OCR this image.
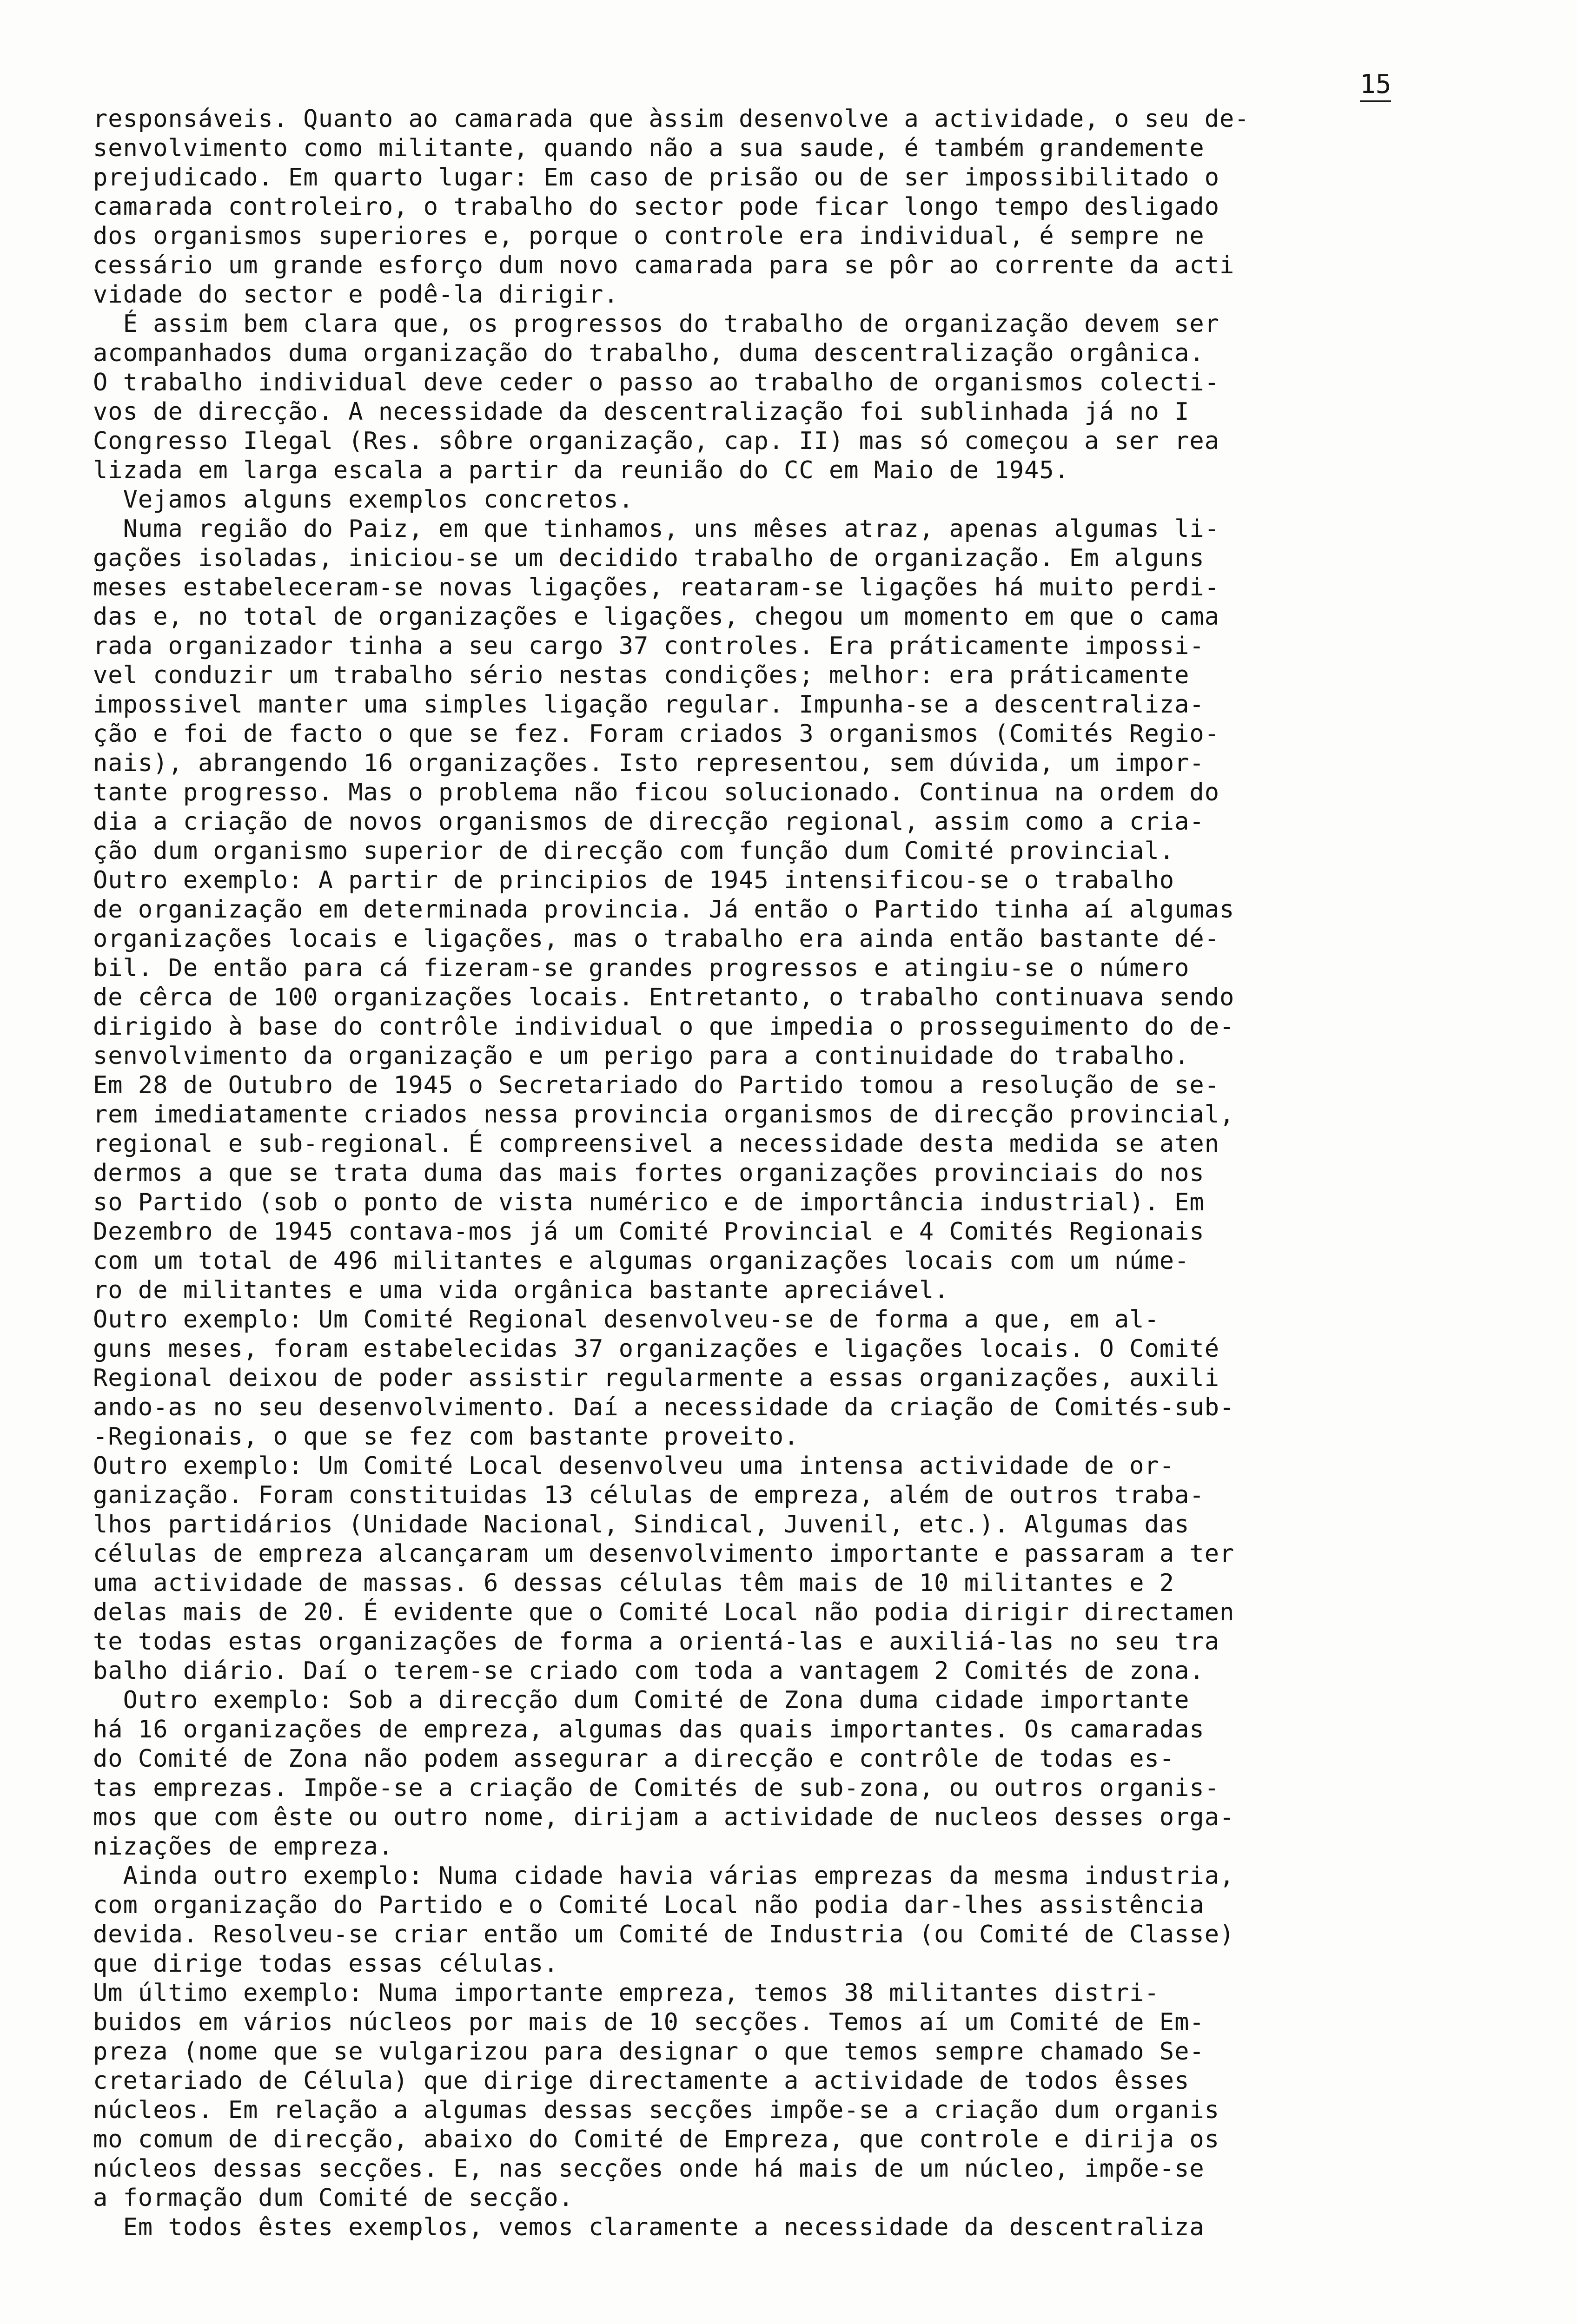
15
responsáveis. Quanto ao camarada que àssim desenvolve a actividade, o seu de-
senvolvimento como militante, quando não a sua saude, é também grandemente
prejudicado. Em quarto lugar: Em caso de prisão ou de ser impossibilitado o
camarada controleiro, o trabalho do sector pode ficar longo tempo desligado
dos organismos superiores e, porque o controle era individual, é sempre ne
cessário um grande esforço dum novo camarada para se pôr ao corrente da acti
vidade do sector e podê-la dirigir.
É assim bem clara que, os progressos do trabalho de organização devem ser
acompanhados duma organização do trabalho, duma descentralização orgânica.
O trabalho individual deve ceder o passo ao trabalho de organismos colecti-
vos de direcção. A necessidade da descentralização foi sublinhada já no I
Congresso Ilegal (Res. sôbre organização, cap. II) mas só começou a ser rea
lizada em larga escala a partir da reunião do CC em Maio de 1945.
Vejamos alguns exemplos concretos.
Numa região do Paiz, em que tinhamos, uns mêses atraz, apenas algumas li-
gações isoladas, iniciou-se um decidido trabalho de organização. Em alguns
meses estabeleceram-se novas ligações, reataram-se ligações há muito perdi-
das e, no total de organizações e ligações, chegou um momento em que o cama
rada organizador tinha a seu cargo 37 controles. Era práticamente impossi-
vel conduzir um trabalho sério nestas condições; melhor: era práticamente
impossivel manter uma simples ligação regular. Impunha-se a descentraliza-
ção e foi de facto o que se fez. Foram criados 3 organismos (Comités Regio-
nais), abrangendo 16 organizações. Isto representou, sem dúvida, um impor-
tante progresso. Mas o problema não ficou solucionado. Continua na ordem do
dia a criação de novos organismos de direcção regional, assim como a cria-
ção dum organismo superior de direcção com função dum Comité provincial.
Outro exemplo: A partir de principios de 1945 intensificou-se o trabalho
de organização em determinada provincia. Já então o Partido tinha aí algumas
organizações locais e ligações, mas o trabalho era ainda então bastante dé-
bil. De então para cá fizeram-se grandes progressos e atingiu-se o número
de cêrca de 100 organizações locais. Entretanto, o trabalho continuava sendo
dirigido à base do contrôle individual o que impedia o prosseguimento do de-
senvolvimento da organização e um perigo para a continuidade do trabalho.
Em 28 de Outubro de 1945 o Secretariado do Partido tomou a resolução de se-
rem imediatamente criados nessa provincia organismos de direcção provincial,
regional e sub-regional. É compreensivel a necessidade desta medida se aten
dermos a que se trata duma das mais fortes organizações provinciais do nos
so Partido (sob o ponto de vista numérico e de importância industrial). Em
Dezembro de 1945 contava-mos já um Comité Provincial e 4 Comités Regionais
com um total de 496 militantes e algumas organizações locais com um núme-
ro de militantes e uma vida orgânica bastante apreciável.
Outro exemplo: Um Comité Regional desenvolveu-se de forma a que, em al-
guns meses, foram estabelecidas 37 organizações e ligações locais. O Comité
Regional deixou de poder assistir regularmente a essas organizações, auxili
ando-as no seu desenvolvimento. Daí a necessidade da criação de Comités-sub-
-Regionais, o que se fez com bastante proveito.
Outro exemplo: Um Comité Local desenvolveu uma intensa actividade de or-
ganização. Foram constituidas 13 células de empreza, além de outros traba-
lhos partidários (Unidade Nacional, Sindical, Juvenil, etc.). Algumas das
células de empreza alcançaram um desenvolvimento importante e passaram a ter
uma actividade de massas. 6 dessas células têm mais de 10 militantes e 2
delas mais de 20. É evidente que o Comité Local não podia dirigir directamen
te todas estas organizações de forma a orientá-las e auxiliá-las no seu tra
balho diário. Daí o terem-se criado com toda a vantagem 2 Comités de zona.
Outro exemplo: Sob a direcção dum Comité de Zona duma cidade importante
há 16 organizações de empreza, algumas das quais importantes. Os camaradas
do Comité de Zona não podem assegurar a direcção e contrôle de todas es-
tas emprezas. Impõe-se a criação de Comités de sub-zona, ou outros organis-
mos que com êste ou outro nome, dirijam a actividade de nucleos desses orga-
nizações de empreza.
Ainda outro exemplo: Numa cidade havia várias emprezas da mesma industria,
com organização do Partido e o Comité Local não podia dar-lhes assistência
devida. Resolveu-se criar então um Comité de Industria (ou Comité de Classe)
que dirige todas essas células.
Um último exemplo: Numa importante empreza, temos 38 militantes distri-
buidos em vários núcleos por mais de 10 secções. Temos aí um Comité de Em-
preza (nome que se vulgarizou para designar o que temos sempre chamado Se-
cretariado de Célula) que dirige directamente a actividade de todos êsses
núcleos. Em relação a algumas dessas secções impõe-se a criação dum organis
mo comum de direcção, abaixo do Comité de Empreza, que controle e dirija os
núcleos dessas secções. E, nas secções onde há mais de um núcleo, impõe-se
a formação dum Comité de secção.
Em todos êstes exemplos, vemos claramente a necessidade da descentraliza
